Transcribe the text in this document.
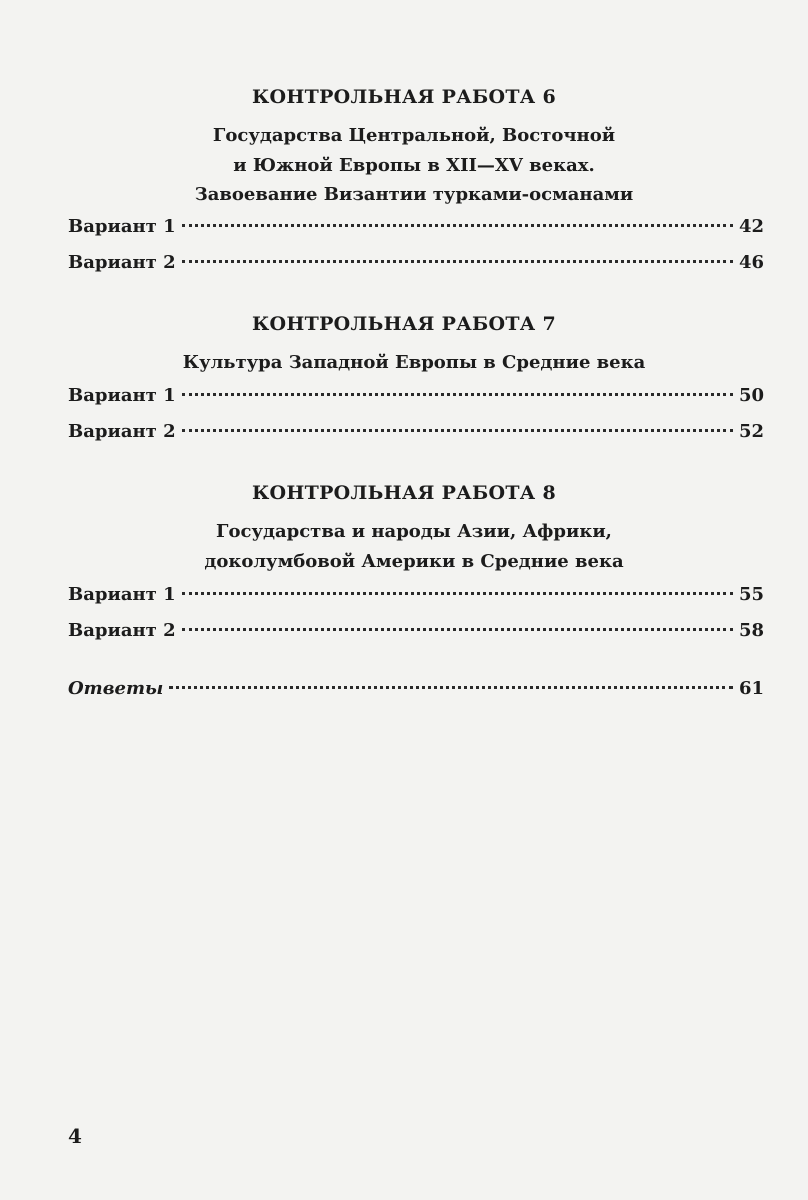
КОНТРОЛЬНАЯ РАБОТА 6
Государства Центральной, Восточной
и Южной Европы в XII—XV веках.
Завоевание Византии турками-османами
Вариант 1	42
Вариант 2	46
КОНТРОЛЬНАЯ РАБОТА 7
Культура Западной Европы в Средние века
Вариант 1	50
Вариант 2	52
КОНТРОЛЬНАЯ РАБОТА 8
Государства и народы Азии, Африки,
доколумбовой Америки в Средние века
Вариант 1	55
Вариант 2	58
Ответы	61
4
